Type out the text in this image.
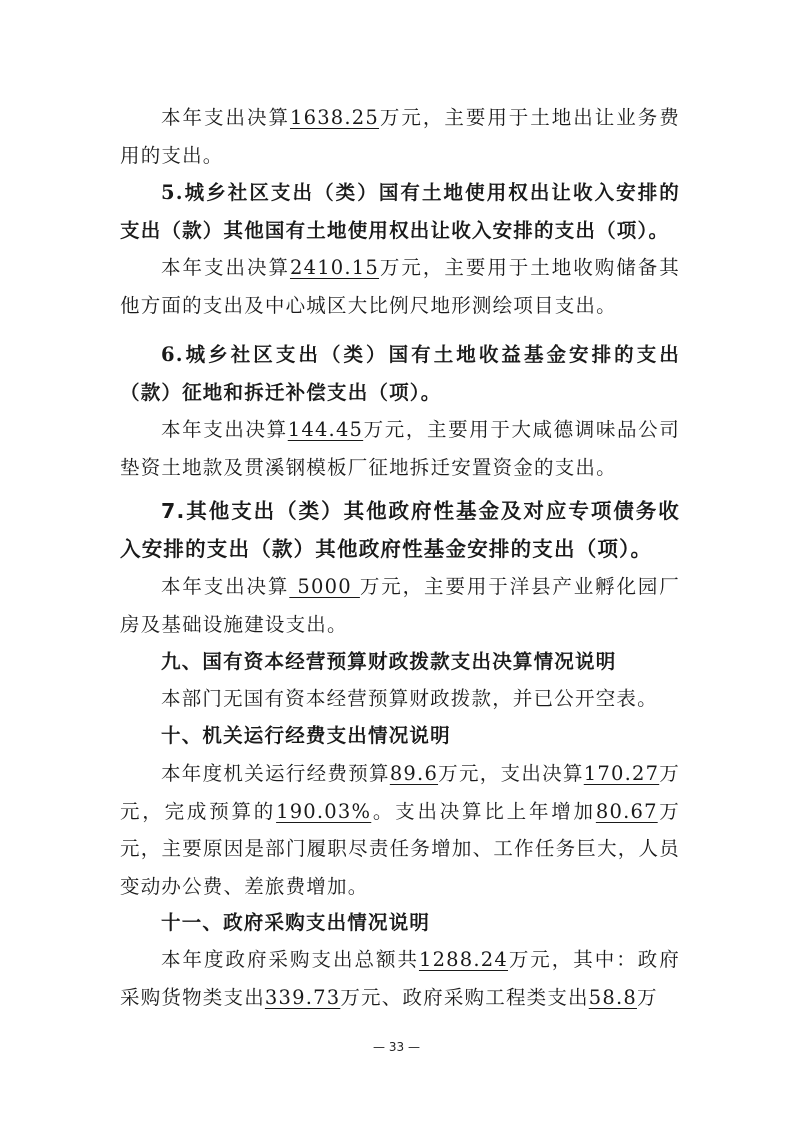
本年支出决算1638.25万元，主要用于土地出让业务费用的支出。

5.城乡社区支出（类）国有土地使用权出让收入安排的支出（款）其他国有土地使用权出让收入安排的支出（项）。

本年支出决算2410.15万元，主要用于土地收购储备其他方面的支出及中心城区大比例尺地形测绘项目支出。

6.城乡社区支出（类）国有土地收益基金安排的支出（款）征地和拆迁补偿支出（项）。

本年支出决算144.45万元，主要用于大咸德调味品公司垫资土地款及贯溪钢模板厂征地拆迁安置资金的支出。

7.其他支出（类）其他政府性基金及对应专项债务收入安排的支出（款）其他政府性基金安排的支出（项）。

本年支出决算 5000 万元，主要用于洋县产业孵化园厂房及基础设施建设支出。

九、国有资本经营预算财政拨款支出决算情况说明

本部门无国有资本经营预算财政拨款，并已公开空表。

十、机关运行经费支出情况说明

本年度机关运行经费预算89.6万元，支出决算170.27万元，完成预算的190.03%。支出决算比上年增加80.67万元，主要原因是部门履职尽责任务增加、工作任务巨大，人员变动办公费、差旅费增加。

十一、政府采购支出情况说明

本年度政府采购支出总额共1288.24万元，其中：政府采购货物类支出339.73万元、政府采购工程类支出58.8万

— 33 —
